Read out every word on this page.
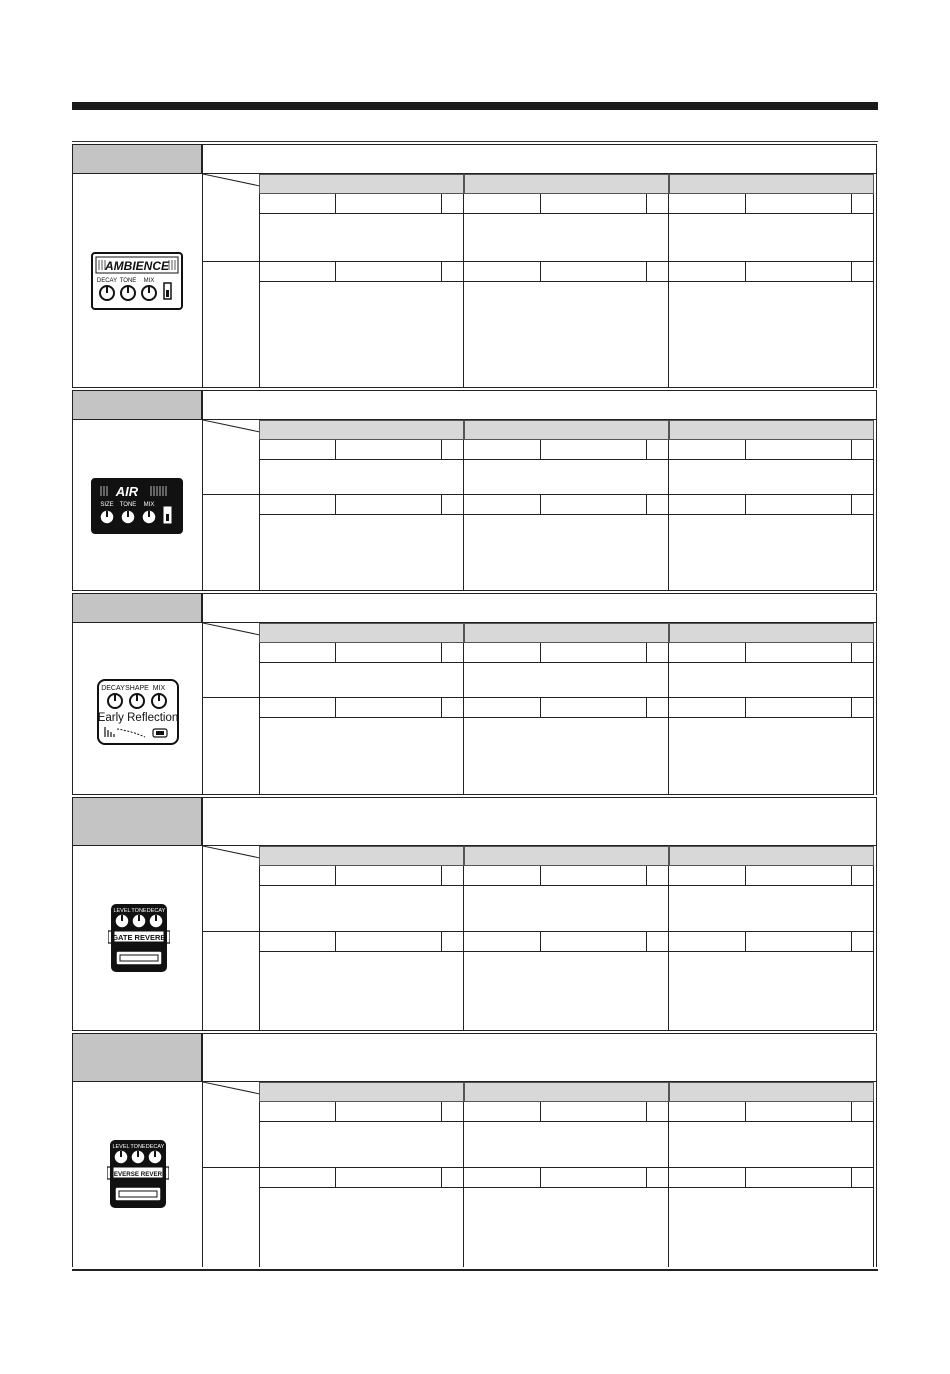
AMBIENCE
DECAY TONE MIX
AIR
SIZE TONE MIX
DECAY SHAPE MIX
Early Reflection
LEVEL TONE DECAY
GATE REVERB
LEVEL TONE DECAY
REVERSE REVERB
